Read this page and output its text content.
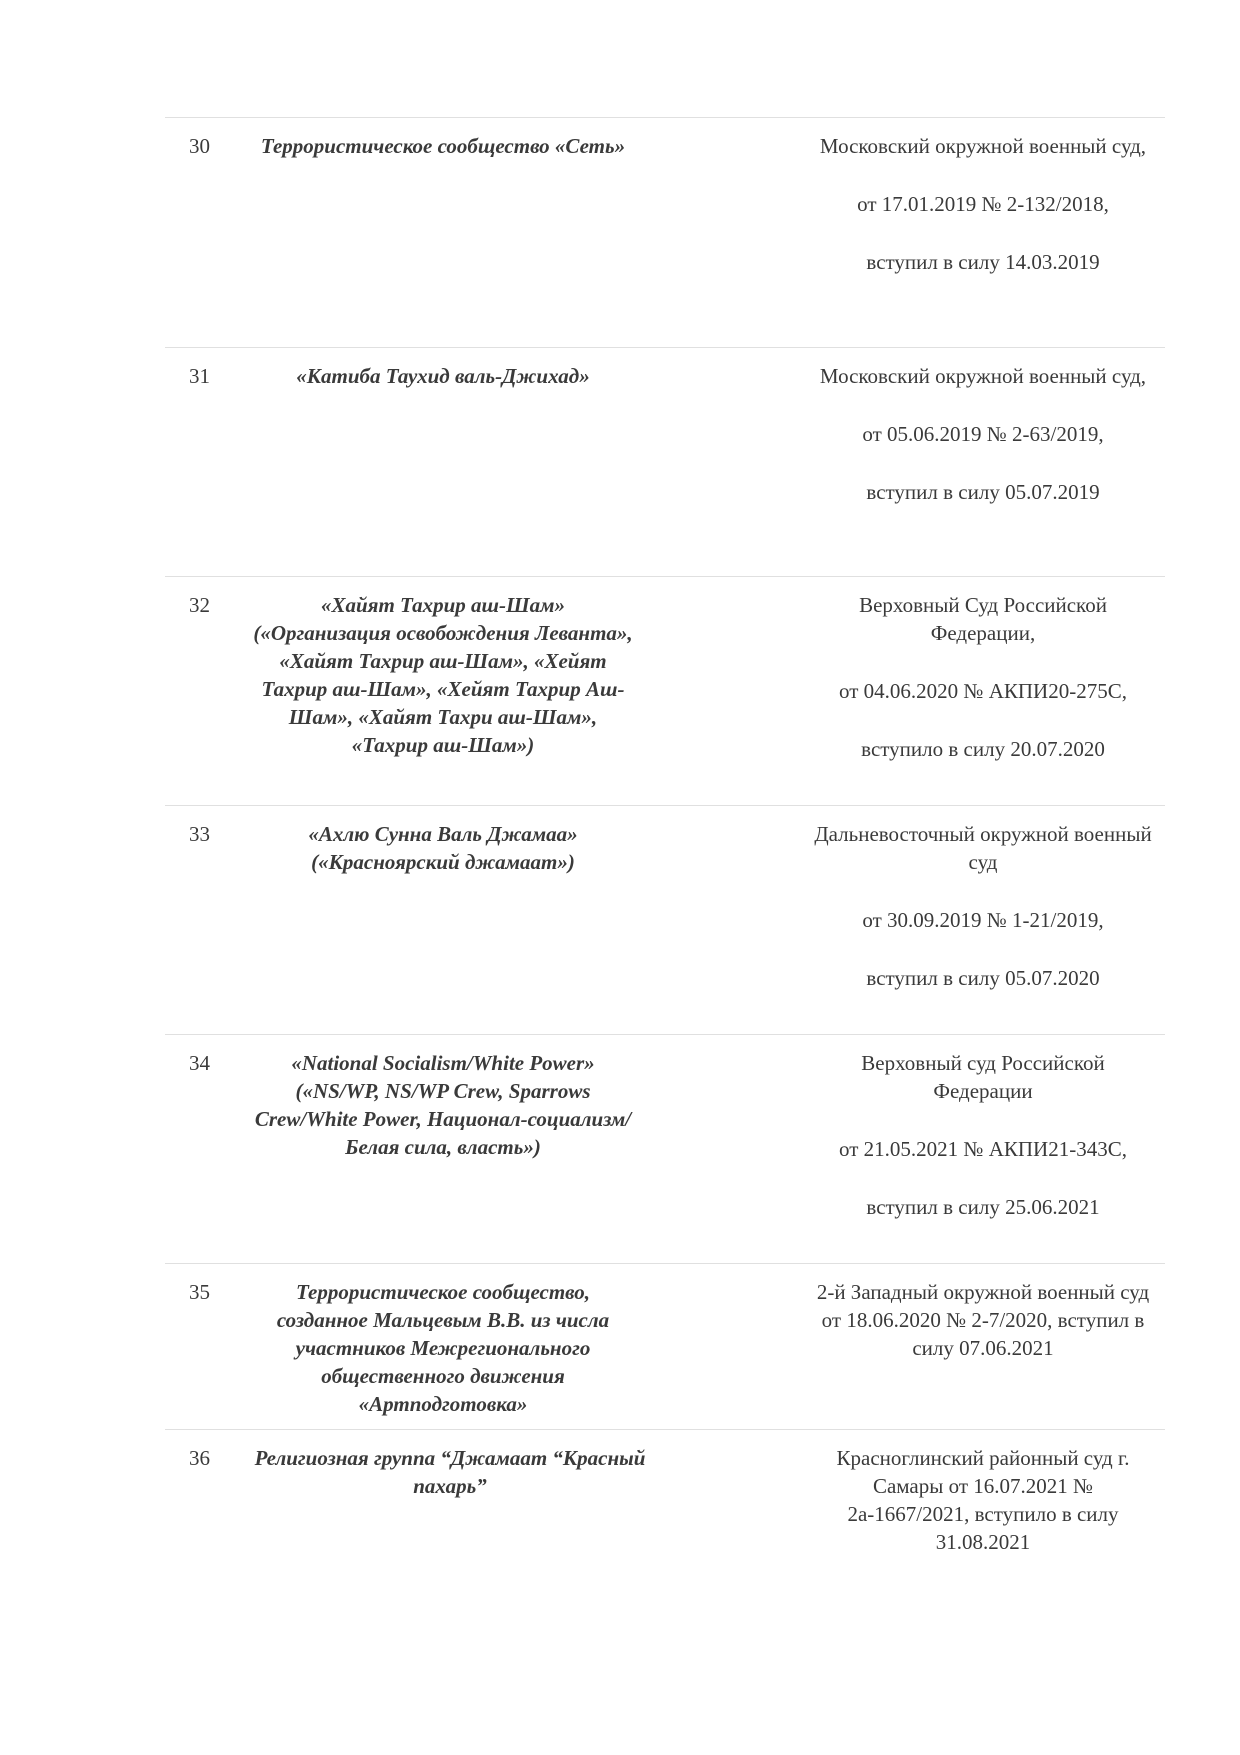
30	Террористическое сообщество «Сеть»	Московский окружной военный суд,

от 17.01.2019 № 2-132/2018,

вступил в силу 14.03.2019

31	«Катиба Таухид валь-Джихад»	Московский окружной военный суд,

от 05.06.2019 № 2-63/2019,

вступил в силу 05.07.2019

32	«Хайят Тахрир аш-Шам» («Организация освобождения Леванта», «Хайят Тахрир аш-Шам», «Хейят Тахрир аш-Шам», «Хейят Тахрир Аш-Шам», «Хайят Тахри аш-Шам», «Тахрир аш-Шам»)

Верховный Суд Российской Федерации,

от 04.06.2020 № АКПИ20-275С,

вступило в силу 20.07.2020

33	«Ахлю Сунна Валь Джамаа» («Красноярский джамаат»)

Дальневосточный окружной военный суд

от 30.09.2019 № 1-21/2019,

вступил в силу 05.07.2020

34	«National Socialism/White Power» («NS/WP, NS/WP Crew, Sparrows Crew/White Power, Национал-социализм/Белая сила, власть»)

Верховный суд Российской Федерации

от 21.05.2021 № АКПИ21-343С,

вступил в силу 25.06.2021

35	Террористическое сообщество, созданное Мальцевым В.В. из числа участников Межрегионального общественного движения «Артподготовка»
2-й Западный окружной военный суд от 18.06.2020 № 2-7/2020, вступил в силу 07.06.2021
36	Религиозная группа “Джамаат “Красный пахарь”
Красноглинский районный суд г. Самары от 16.07.2021 № 2а-1667/2021, вступило в силу 31.08.2021
